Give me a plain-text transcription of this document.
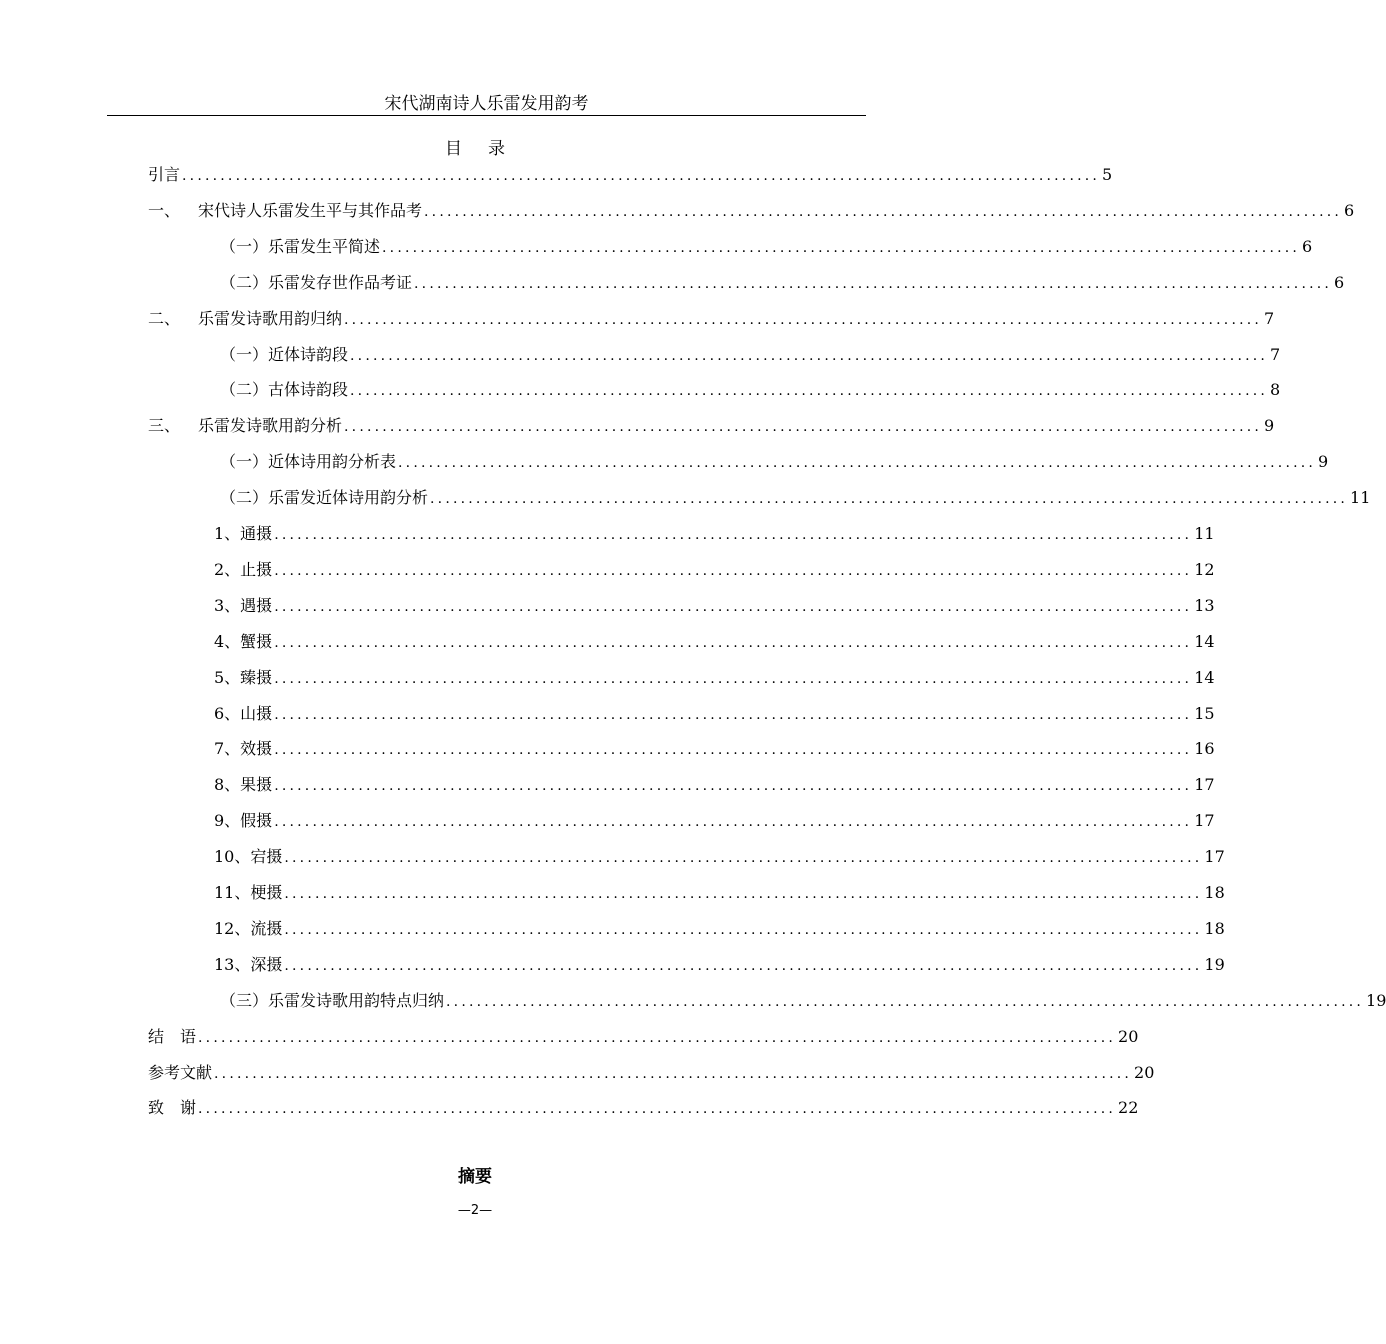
宋代湖南诗人乐雷发用韵考
目 录
引言 ........................................................................................................................ 5
一、	宋代诗人乐雷发生平与其作品考 ........................................................................................................................ 6
（一）乐雷发生平简述 ........................................................................................................................ 6
（二）乐雷发存世作品考证 ........................................................................................................................ 6
二、	乐雷发诗歌用韵归纳 ........................................................................................................................ 7
（一）近体诗韵段 ........................................................................................................................ 7
（二）古体诗韵段 ........................................................................................................................ 8
三、	乐雷发诗歌用韵分析 ........................................................................................................................ 9
（一）近体诗用韵分析表 ........................................................................................................................ 9
（二）乐雷发近体诗用韵分析 ........................................................................................................................ 11
1、通摄 ........................................................................................................................ 11
2、止摄 ........................................................................................................................ 12
3、遇摄 ........................................................................................................................ 13
4、蟹摄 ........................................................................................................................ 14
5、臻摄 ........................................................................................................................ 14
6、山摄 ........................................................................................................................ 15
7、效摄 ........................................................................................................................ 16
8、果摄 ........................................................................................................................ 17
9、假摄 ........................................................................................................................ 17
10、宕摄 ........................................................................................................................ 17
11、梗摄 ........................................................................................................................ 18
12、流摄 ........................................................................................................................ 18
13、深摄 ........................................................................................................................ 19
（三）乐雷发诗歌用韵特点归纳 ........................................................................................................................ 19
结　语 ........................................................................................................................ 20
参考文献 ........................................................................................................................ 20
致　谢 ........................................................................................................................ 22
摘要
—2—
